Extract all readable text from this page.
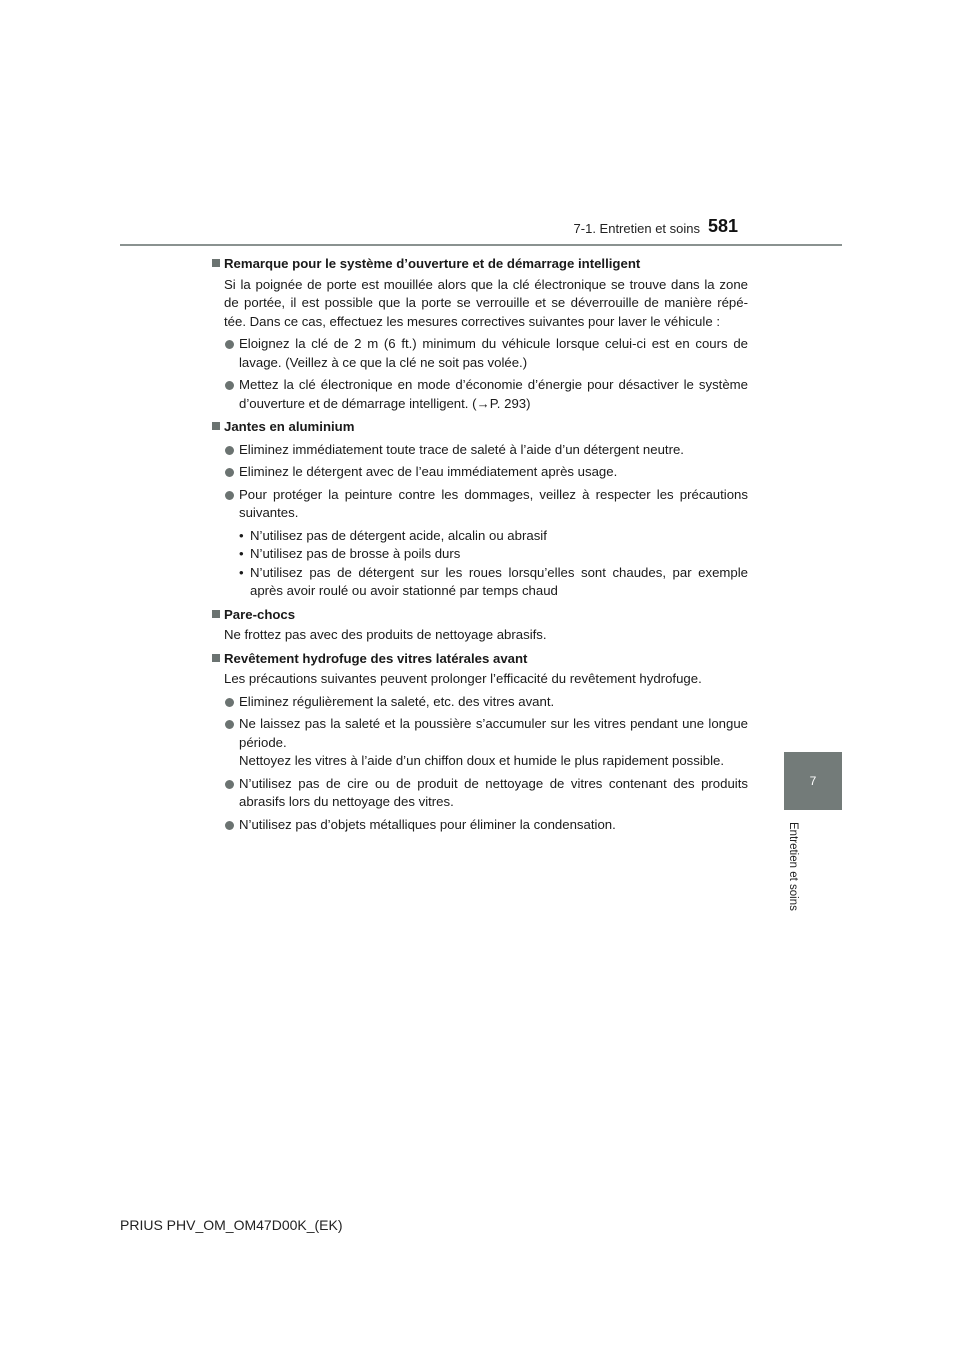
7-1. Entretien et soins 581
7
Entretien et soins
Remarque pour le système d’ouverture et de démarrage intelligent
Si la poignée de porte est mouillée alors que la clé électronique se trouve dans la zone de portée, il est possible que la porte se verrouille et se déverrouille de manière répé- tée. Dans ce cas, effectuez les mesures correctives suivantes pour laver le véhicule :
Eloignez la clé de 2 m (6 ft.) minimum du véhicule lorsque celui-ci est en cours de lavage. (Veillez à ce que la clé ne soit pas volée.)
Mettez la clé électronique en mode d’économie d’énergie pour désactiver le système d’ouverture et de démarrage intelligent. (→P. 293)
Jantes en aluminium
Eliminez immédiatement toute trace de saleté à l’aide d’un détergent neutre.
Eliminez le détergent avec de l’eau immédiatement après usage.
Pour protéger la peinture contre les dommages, veillez à respecter les précautions suivantes.
• N’utilisez pas de détergent acide, alcalin ou abrasif
• N’utilisez pas de brosse à poils durs
• N’utilisez pas de détergent sur les roues lorsqu’elles sont chaudes, par exemple après avoir roulé ou avoir stationné par temps chaud
Pare-chocs
Ne frottez pas avec des produits de nettoyage abrasifs.
Revêtement hydrofuge des vitres latérales avant
Les précautions suivantes peuvent prolonger l’efficacité du revêtement hydrofuge.
Eliminez régulièrement la saleté, etc. des vitres avant.
Ne laissez pas la saleté et la poussière s’accumuler sur les vitres pendant une longue période.
Nettoyez les vitres à l’aide d’un chiffon doux et humide le plus rapidement possible.
N’utilisez pas de cire ou de produit de nettoyage de vitres contenant des produits abrasifs lors du nettoyage des vitres.
N’utilisez pas d’objets métalliques pour éliminer la condensation.
PRIUS PHV_OM_OM47D00K_(EK)
